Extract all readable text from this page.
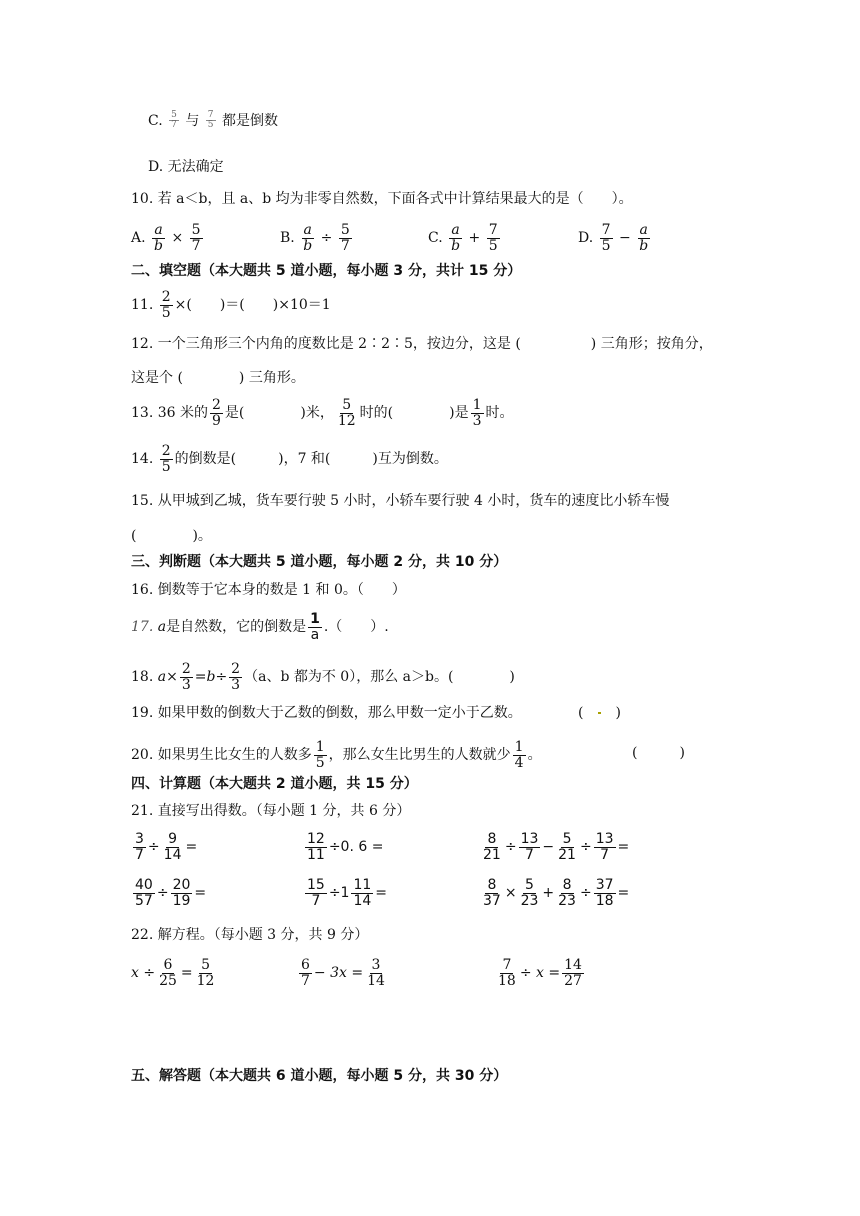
C. $\frac{5}{7}$ 与 $\frac{7}{5}$ 都是倒数
D. 无法确定
10. 若 a＜b，且 a、b 均为非零自然数，下面各式中计算结果最大的是（　　）。
A. $\frac{a}{b} \times \frac{5}{7}$	B. $\frac{a}{b} \div \frac{5}{7}$	C. $\frac{a}{b} + \frac{7}{5}$	D. $\frac{7}{5} - \frac{a}{b}$
二、填空题（本大题共 5 道小题，每小题 3 分，共计 15 分）
11. $\frac{2}{5}$ ×(　　)＝(　　)×10＝1
12. 一个三角形三个内角的度数比是 2∶2∶5，按边分，这是 (　　　　　) 三角形；按角分，
这是个 (　　　　) 三角形。
13. 36 米的 $\frac{2}{9}$ 是(　　　　)米， $\frac{5}{12}$ 时的(　　　　)是 $\frac{1}{3}$ 时。
14. $\frac{2}{5}$ 的倒数是(　　　)，7 和(　　　)互为倒数。
15. 从甲城到乙城，货车要行驶 5 小时，小轿车要行驶 4 小时，货车的速度比小轿车慢
(　　　　)。
三、判断题（本大题共 5 道小题，每小题 2 分，共 10 分）
16. 倒数等于它本身的数是 1 和 0。（　　）
17. a是自然数，它的倒数是 $\frac{1}{a}$ .（　　）.
18. $a\times \frac{2}{3} =b\div \frac{2}{3} (a$、b 都为不 0），那么 a＞b。(　　　　)
19. 如果甲数的倒数大于乙数的倒数，那么甲数一定小于乙数。	( )
20. 如果男生比女生的人数多 $\frac{1}{5}$ ，那么女生比男生的人数就少 $\frac{1}{4}$ 。	(　　　)
四、计算题（本大题共 2 道小题，共 15 分）
21. 直接写出得数。（每小题 1 分，共 6 分）
$\frac{3}{7} \div \frac{9}{14}$ =	$\frac{12}{11} \div 0$. 6 =	$\frac{8}{21} \div \frac{13}{7} - \frac{5}{21} \div \frac{13}{7}$ =
$\frac{40}{57} \div \frac{20}{19}$ =	$\frac{15}{7} \div 1 \frac{11}{14}$ =	$\frac{8}{37} \times \frac{5}{23} + \frac{8}{23} \div \frac{37}{18}$ =
22. 解方程。（每小题 3 分，共 9 分）
$x \div \frac{6}{25} = \frac{5}{12}$	$\frac{6}{7} - 3x = \frac{3}{14}$	$\frac{7}{18} \div x = \frac{14}{27}$
五、解答题（本大题共 6 道小题，每小题 5 分，共 30 分）
